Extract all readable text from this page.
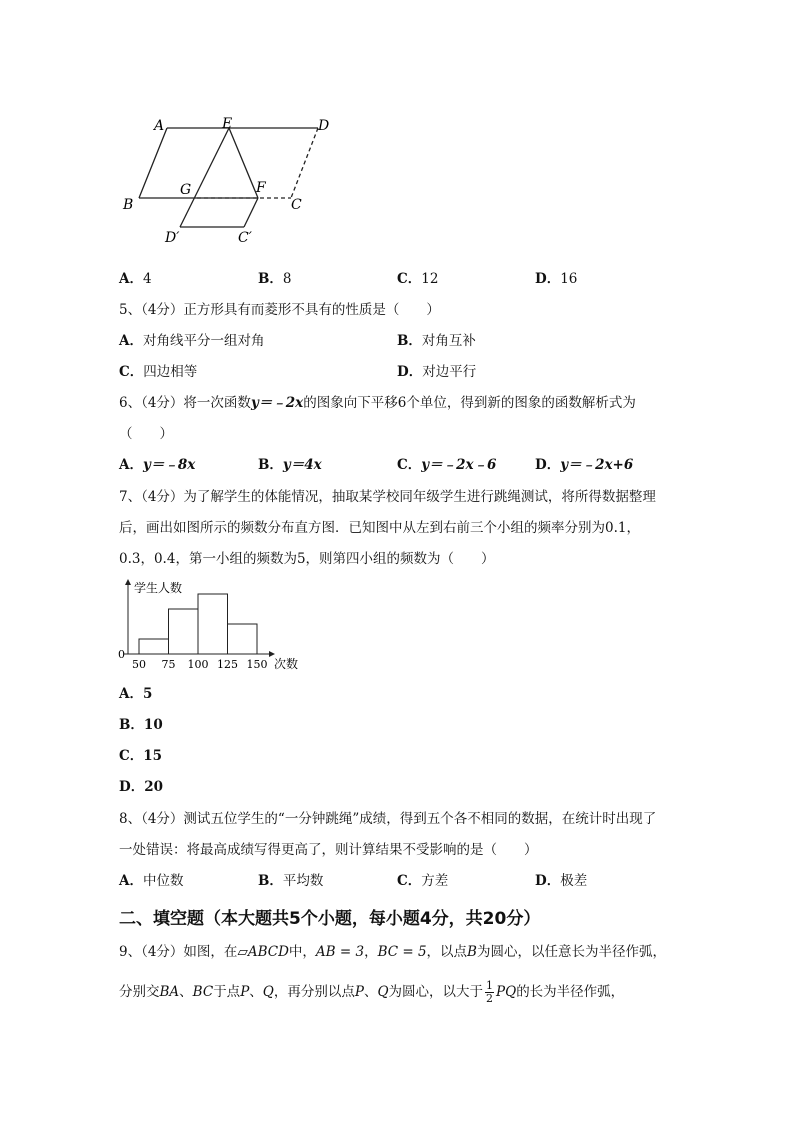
A	E	D
B
G	F
C
D′	C′
A．4	B．8	C．12	D．16
5、（4分）正方形具有而菱形不具有的性质是（　　）
A．对角线平分一组对角	B．对角互补
C．四边相等	D．对边平行
6、（4分）将一次函数y＝﹣2x的图象向下平移6个单位，得到新的图象的函数解析式为
（　　）
A．y＝﹣8x	B．y＝4x	C．y＝﹣2x﹣6	D．y＝﹣2x+6
7、（4分）为了解学生的体能情况，抽取某学校同年级学生进行跳绳测试，将所得数据整理
后，画出如图所示的频数分布直方图．已知图中从左到右前三个小组的频率分别为0.1，
0.3，0.4，第一小组的频数为5，则第四小组的频数为（　　）
学生人数
次数
0
50 75 100 125 150
A．5
B．10
C．15
D．20
8、（4分）测试五位学生的“一分钟跳绳”成绩，得到五个各不相同的数据，在统计时出现了
一处错误：将最高成绩写得更高了，则计算结果不受影响的是（　　）
A．中位数	B．平均数	C．方差	D．极差
二、填空题（本大题共5个小题，每小题4分，共20分）
9、（4分）如图，在▱ABCD中，AB = 3，BC = 5，以点B为圆心，以任意长为半径作弧，
分别交BA、BC于点P、Q，再分别以点P、Q为圆心，以大于 $\frac{1}{2}$ PQ的长为半径作弧，
